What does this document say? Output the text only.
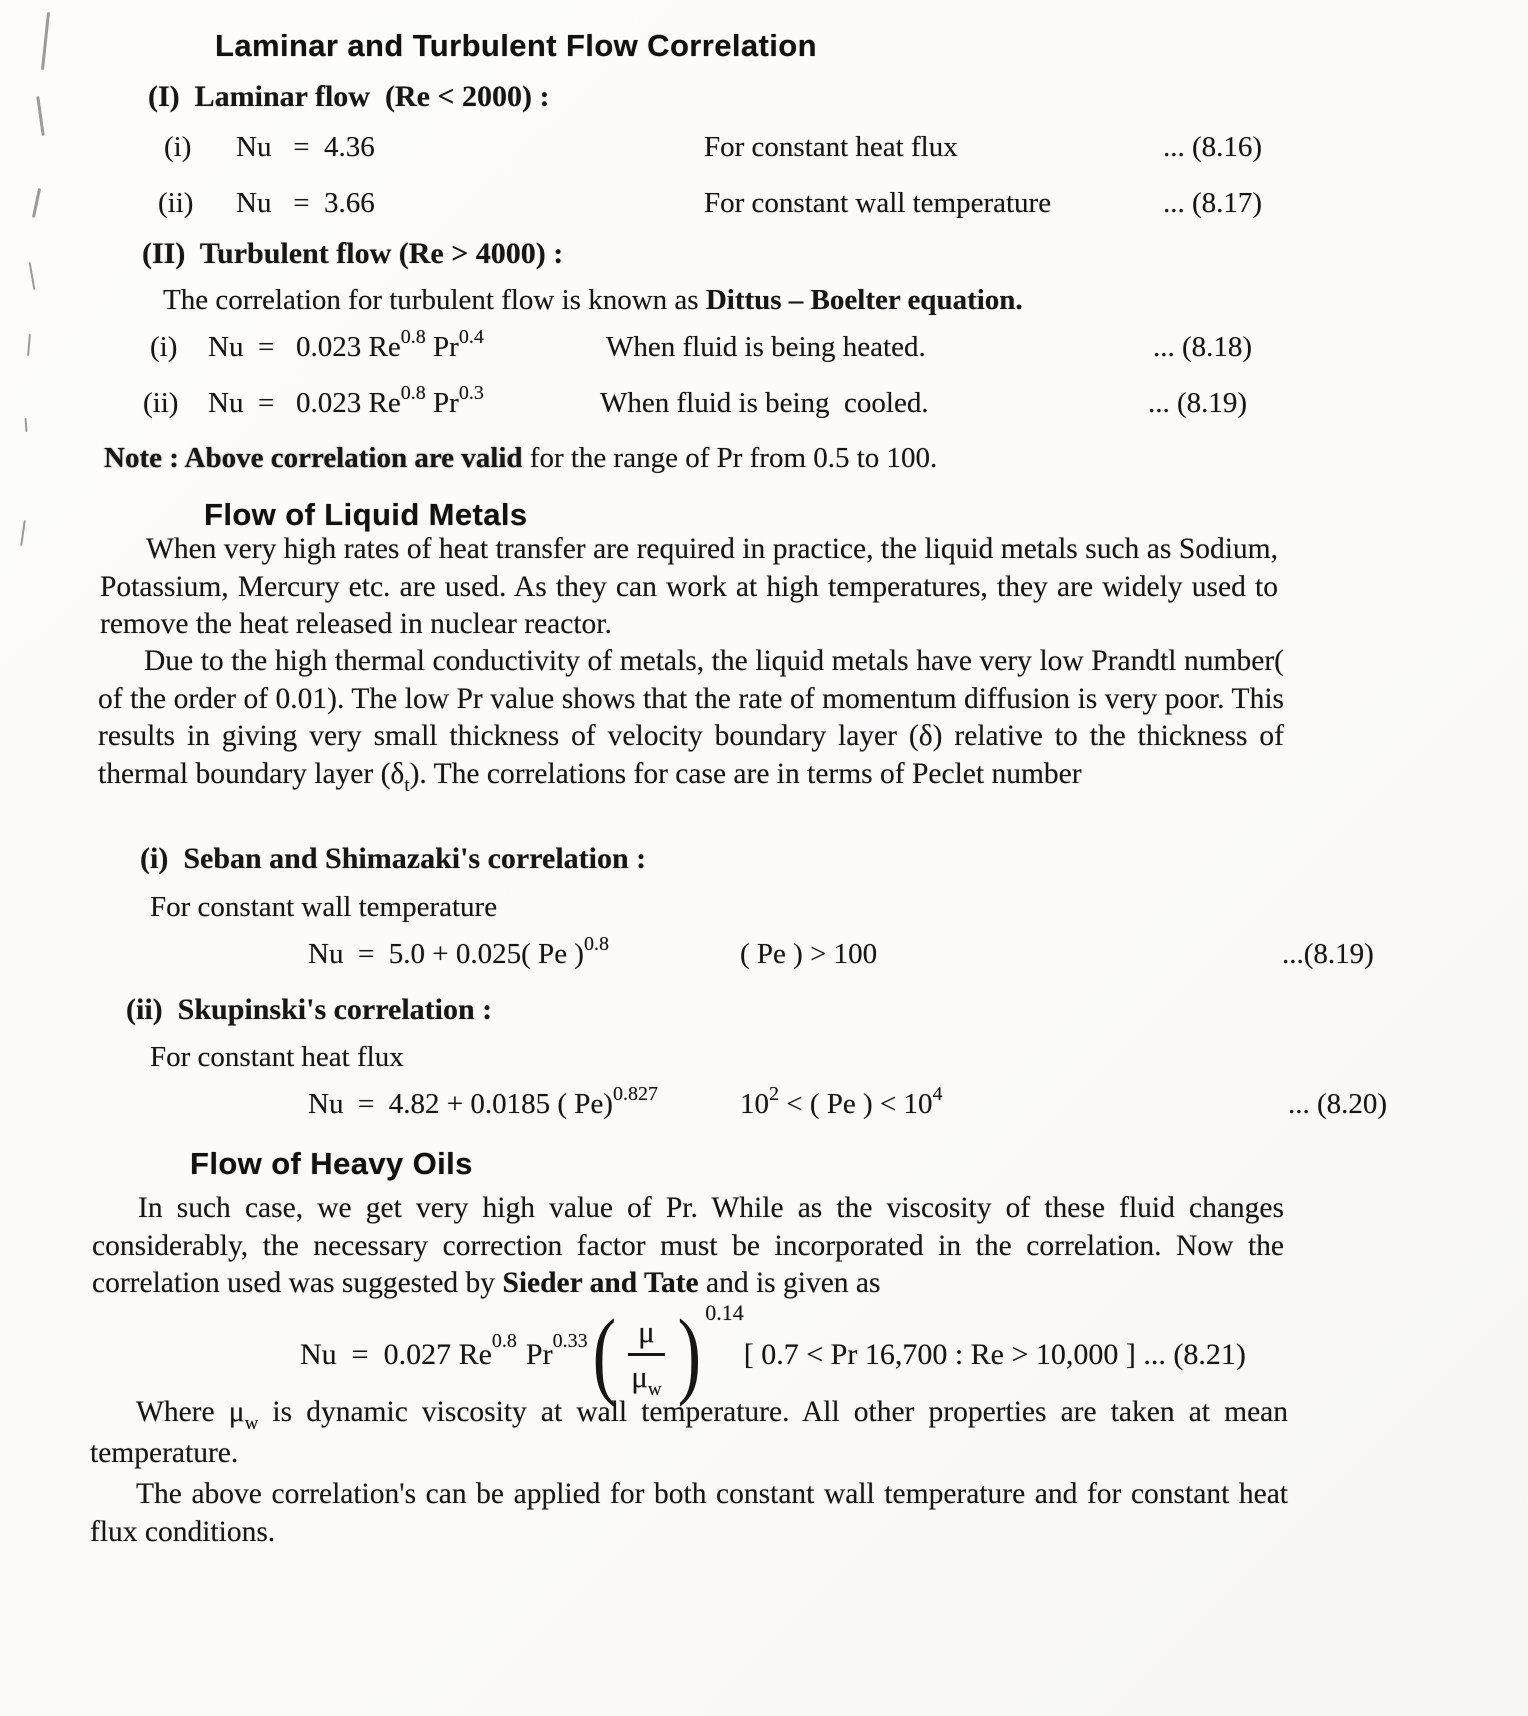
Laminar and Turbulent Flow Correlation
(I)  Laminar flow  (Re < 2000) :
(i) Nu   =  4.36	For constant heat flux	... (8.16)
(ii) Nu   =  3.66	For constant wall temperature	... (8.17)
(II)  Turbulent flow (Re > 4000) :
The correlation for turbulent flow is known as Dittus – Boelter equation.
(i) Nu  =   0.023 $Re^{0.8}$ $Pr^{0.4}$	When fluid is being heated.	... (8.18)
(ii) Nu  =   0.023 $Re^{0.8}$ $Pr^{0.3}$	When fluid is being  cooled.	... (8.19)
Note : Above correlation are valid for the range of Pr from 0.5 to 100.
Flow of Liquid Metals

When very high rates of heat transfer are required in practice, the liquid metals such as Sodium, Potassium, Mercury etc. are used. As they can work at high temperatures, they are widely used to remove the heat released in nuclear reactor.

Due to the high thermal conductivity of metals, the liquid metals have very low Prandtl number( of the order of 0.01). The low Pr value shows that the rate of momentum diffusion is very poor. This results in giving very small thickness of velocity boundary layer (δ) relative to the thickness of thermal boundary layer $(\delta_t)$. The correlations for case are in terms of Peclet number

(i)  Seban and Shimazaki's correlation :
For constant wall temperature
Nu  =  5.0 + 0.025( Pe )$^{0.8}$	( Pe ) > 100	...(8.19)
(ii)  Skupinski's correlation :
For constant heat flux
Nu  =  4.82 + 0.0185 ( Pe)$^{0.827}$	$10^2$ < ( Pe ) < $10^4$	... (8.20)
Flow of Heavy Oils

In such case, we get very high value of Pr. While as the viscosity of these fluid changes considerably, the necessary correction factor must be incorporated in the correlation. Now the correlation used was suggested by Sieder and Tate and is given as

Nu  =  0.027 Re 0.8 Pr 0.33 ( $\frac{\mu}{\mu_w}$ ) 0.14
[ 0.7 < Pr 16,700 : Re > 10,000 ] ... (8.21)

Where $\mu_w$ is dynamic viscosity at wall temperature. All other properties are taken at mean temperature.

The above correlation's can be applied for both constant wall temperature and for constant heat flux conditions.
